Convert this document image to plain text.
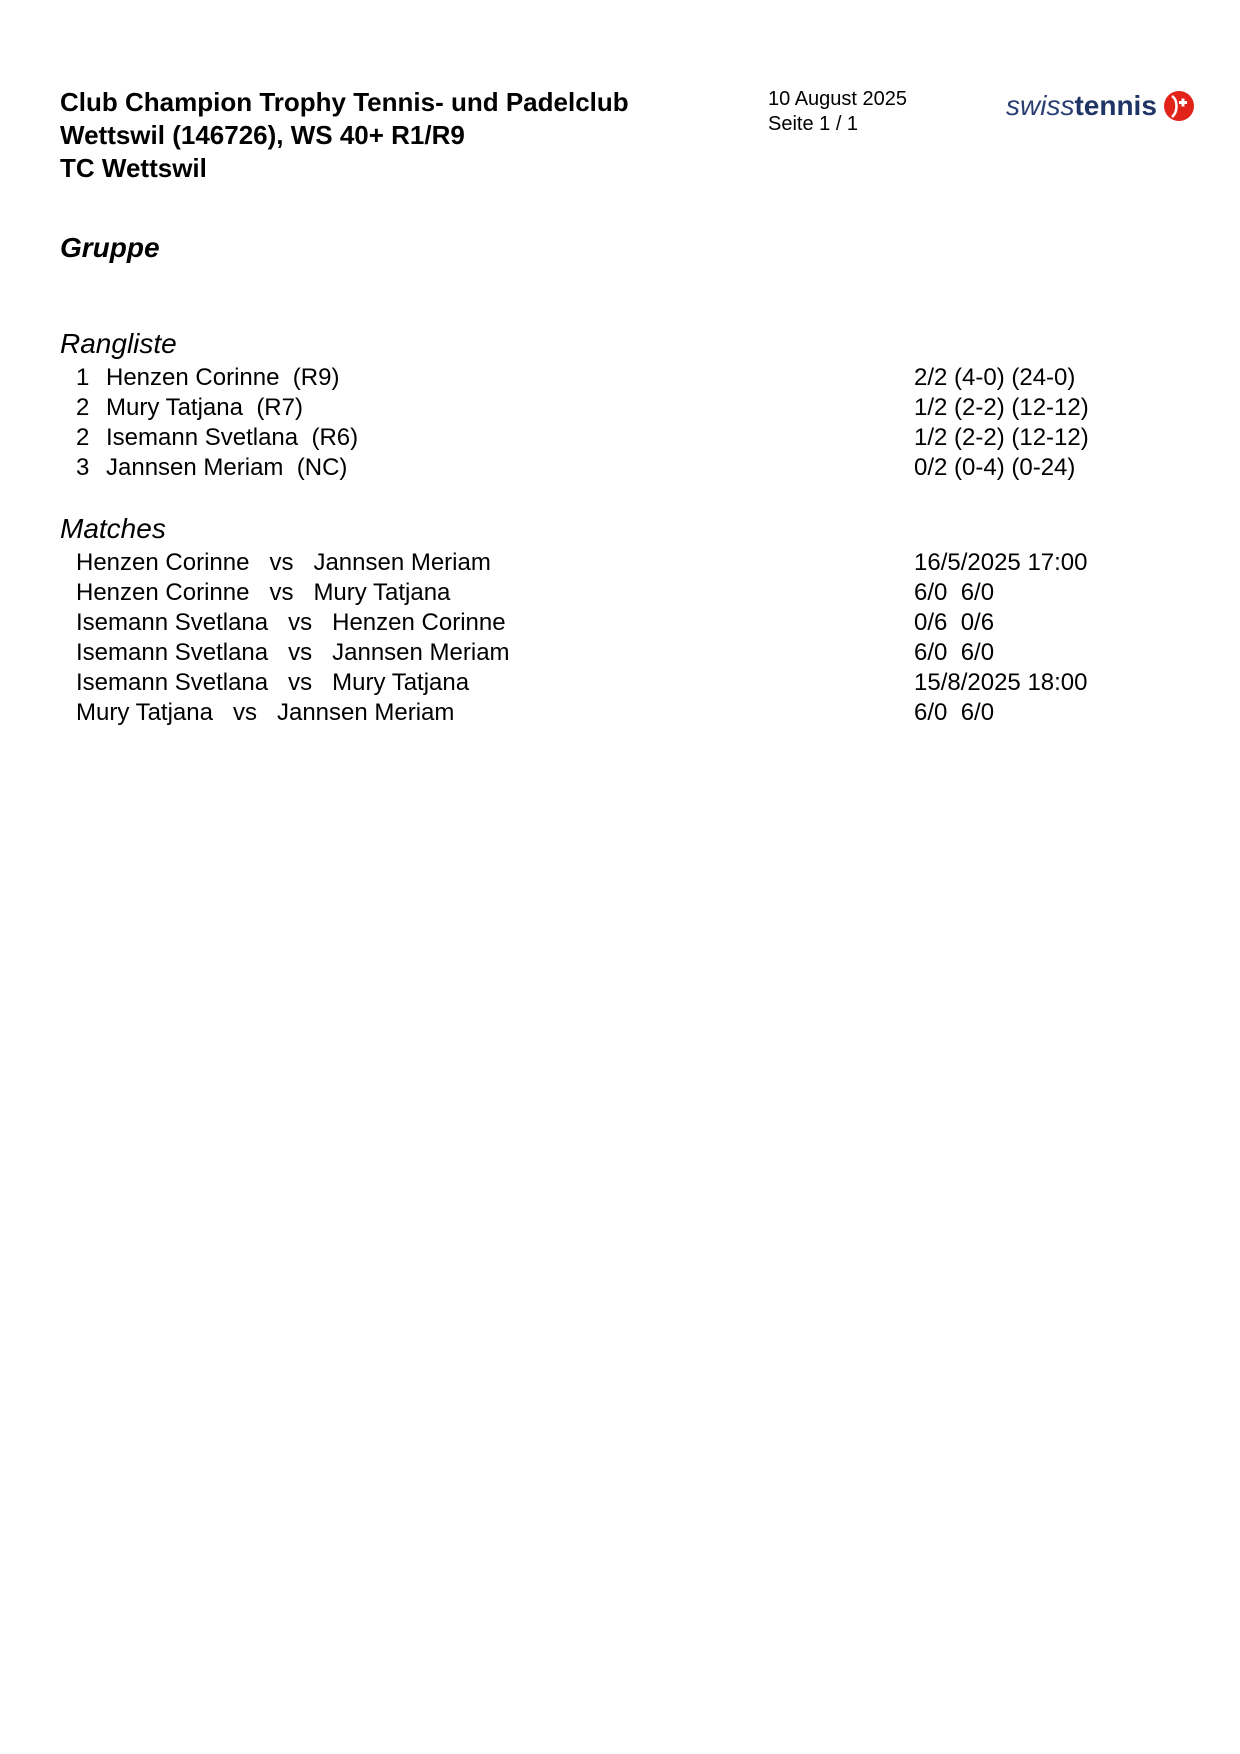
Club Champion Trophy Tennis- und Padelclub
Wettswil (146726), WS 40+ R1/R9
TC Wettswil
10 August 2025
Seite 1 / 1
swisstennis
Gruppe
Rangliste
1 Henzen Corinne (R9)	2/2 (4-0) (24-0)
2 Mury Tatjana (R7)	1/2 (2-2) (12-12)
2 Isemann Svetlana (R6)	1/2 (2-2) (12-12)
3 Jannsen Meriam (NC)	0/2 (0-4) (0-24)
Matches
Henzen Corinne vs Jannsen Meriam	16/5/2025 17:00
Henzen Corinne vs Mury Tatjana	6/0  6/0
Isemann Svetlana vs Henzen Corinne	0/6  0/6
Isemann Svetlana vs Jannsen Meriam	6/0  6/0
Isemann Svetlana vs Mury Tatjana	15/8/2025 18:00
Mury Tatjana vs Jannsen Meriam	6/0  6/0
